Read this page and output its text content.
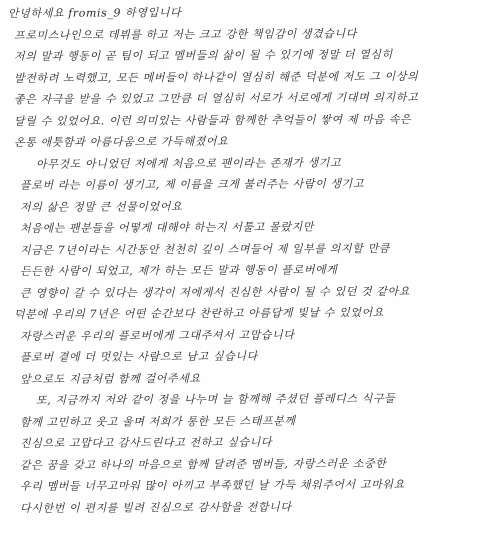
안녕하세요 fromis_9 하영입니다
프로미스나인으로 데뷔를 하고 저는 크고 강한 책임감이 생겼습니다
저의 말과 행동이 곧 팀이 되고 멤버들의 삶이 될 수 있기에 정말 더 열심히
발전하려 노력했고, 모든 메버들이 하나같이 열심히 해준 덕분에 저도 그 이상의
좋은 자극을 받을 수 있었고 그만큼 더 열심히 서로가 서로에게 기대며 의지하고
달릴 수 있었어요. 이런 의미있는 사람들과 함께한 추억들이 쌓여 제 마음 속은
온통 애틋함과 아름다움으로 가득해졌어요
아무것도 아니었던 저에게 처음으로 팬이라는 존재가 생기고
플로버 라는 이름이 생기고, 제 이름을 크게 불러주는 사람이 생기고
저의 삶은 정말 큰 선물이었어요
처음에는 팬분들을 어떻게 대해야 하는지 서툴고 몰랐지만
지금은 7년이라는 시간동안 천천히 깊이 스며들어 제 일부를 의지할 만큼
든든한 사람이 되었고, 제가 하는 모든 말과 행동이 플로버에게
큰 영향이 갈 수 있다는 생각이 저에게서 진심한 사람이 될 수 있던 것 같아요
덕분에 우리의 7년은 어떤 순간보다 찬란하고 아름답게 빛날 수 있었어요
자랑스러운 우리의 플로버에게 그대주셔서 고맙습니다
플로버 곁에 더 멋있는 사람으로 남고 싶습니다
앞으로도 지금처럼 함께 걸어주세요
또, 지금까지 저와 같이 정을 나누며 늘 함께해 주셨던 플레디스 식구들
함께 고민하고 웃고 울며 저희가 통한 모든 스태프분께
진심으로 고맙다고 감사드린다고 전하고 싶습니다
같은 꿈을 갖고 하나의 마음으로 함께 달려준 멤버들, 자랑스러운 소중한
우리 멤버들 너무고마워 많이 아끼고 부족했던 날 가득 채워주어서 고마워요
다시한번 이 편지를 빌려 진심으로 감사함을 전합니다
